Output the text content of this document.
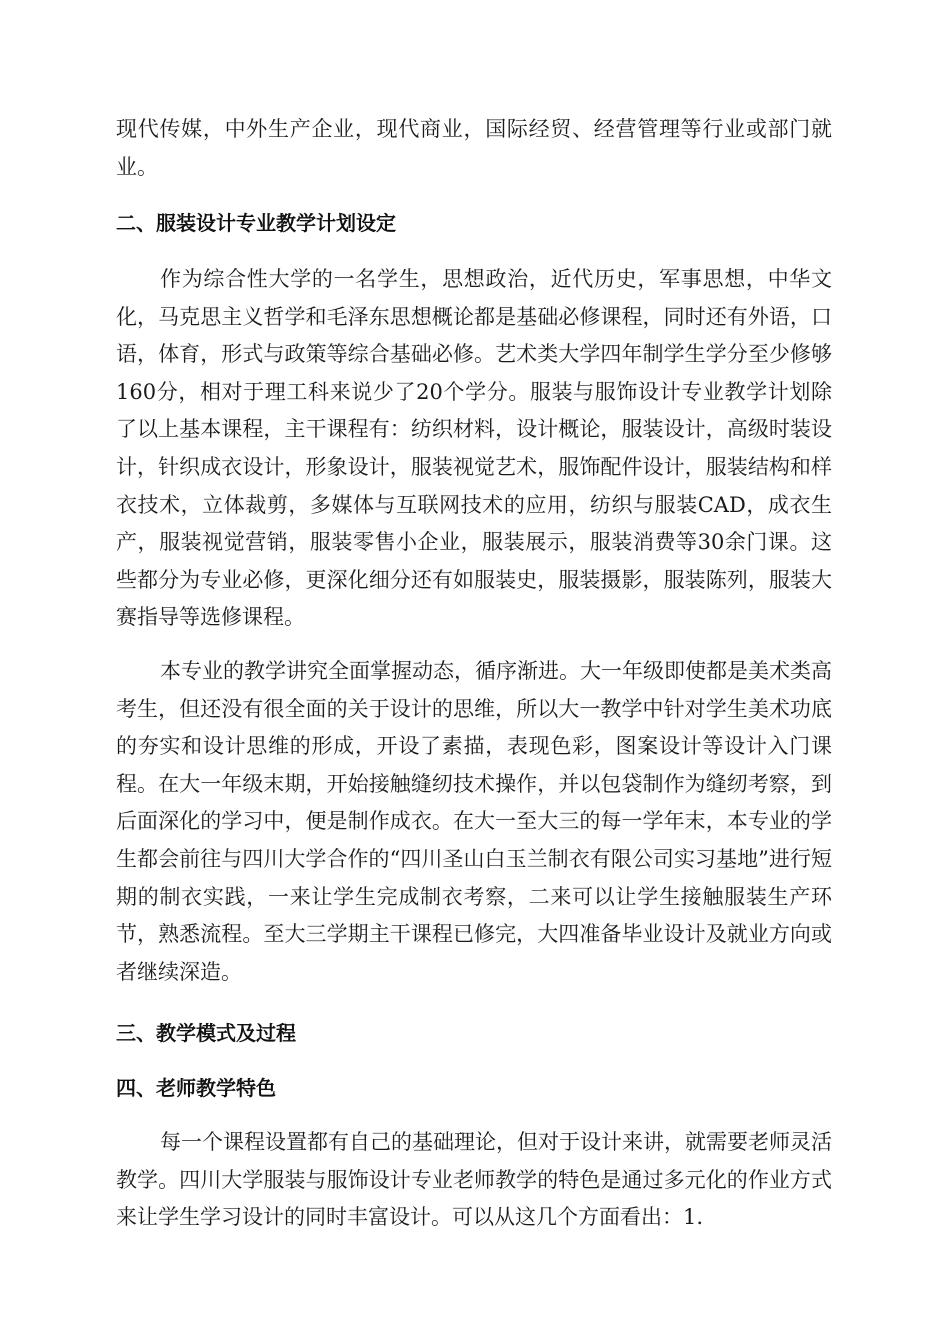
现代传媒，中外生产企业，现代商业，国际经贸、经营管理等行业或部门就业。

二、服装设计专业教学计划设定

作为综合性大学的一名学生，思想政治，近代历史，军事思想，中华文化，马克思主义哲学和毛泽东思想概论都是基础必修课程，同时还有外语，口语，体育，形式与政策等综合基础必修。艺术类大学四年制学生学分至少修够160分，相对于理工科来说少了20个学分。服装与服饰设计专业教学计划除了以上基本课程，主干课程有：纺织材料，设计概论，服装设计，高级时装设计，针织成衣设计，形象设计，服装视觉艺术，服饰配件设计，服装结构和样衣技术，立体裁剪，多媒体与互联网技术的应用，纺织与服装CAD，成衣生产，服装视觉营销，服装零售小企业，服装展示，服装消费等30余门课。这些都分为专业必修，更深化细分还有如服装史，服装摄影，服装陈列，服装大赛指导等选修课程。

本专业的教学讲究全面掌握动态，循序渐进。大一年级即使都是美术类高考生，但还没有很全面的关于设计的思维，所以大一教学中针对学生美术功底的夯实和设计思维的形成，开设了素描，表现色彩，图案设计等设计入门课程。在大一年级末期，开始接触缝纫技术操作，并以包袋制作为缝纫考察，到后面深化的学习中，便是制作成衣。在大一至大三的每一学年末，本专业的学生都会前往与四川大学合作的“四川圣山白玉兰制衣有限公司实习基地”进行短期的制衣实践，一来让学生完成制衣考察，二来可以让学生接触服装生产环节，熟悉流程。至大三学期主干课程已修完，大四准备毕业设计及就业方向或者继续深造。

三、教学模式及过程
四、老师教学特色

每一个课程设置都有自己的基础理论，但对于设计来讲，就需要老师灵活教学。四川大学服装与服饰设计专业老师教学的特色是通过多元化的作业方式来让学生学习设计的同时丰富设计。可以从这几个方面看出：1.
